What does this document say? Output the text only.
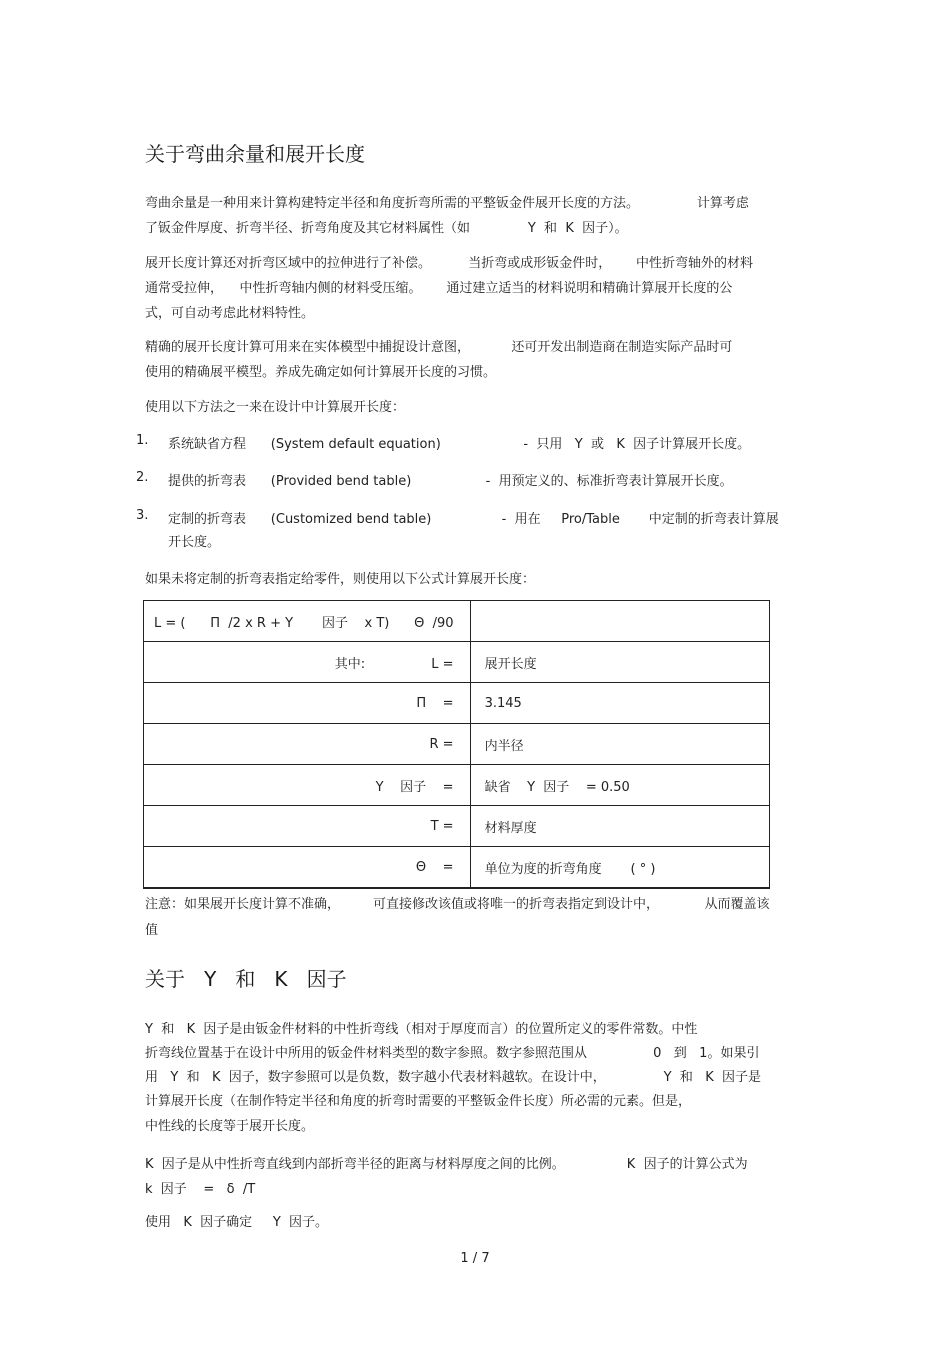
关于弯曲余量和展开长度
弯曲余量是一种用来计算构建特定半径和角度折弯所需的平整钣金件展开长度的方法。              计算考虑
了钣金件厚度、折弯半径、折弯角度及其它材料属性（如              Y  和  K  因子）。
展开长度计算还对折弯区域中的拉伸进行了补偿。         当折弯或成形钣金件时，      中性折弯轴外的材料
通常受拉伸，    中性折弯轴内侧的材料受压缩。      通过建立适当的材料说明和精确计算展开长度的公
式，可自动考虑此材料特性。
精确的展开长度计算可用来在实体模型中捕捉设计意图，          还可开发出制造商在制造实际产品时可
使用的精确展平模型。养成先确定如何计算展开长度的习惯。
使用以下方法之一来在设计中计算展开长度：
1. 系统缺省方程      (System default equation)                    -  只用   Y  或   K  因子计算展开长度。
2. 提供的折弯表      (Provided bend table)                  -  用预定义的、标准折弯表计算展开长度。
3. 定制的折弯表      (Customized bend table)                 -  用在     Pro/Table       中定制的折弯表计算展
开长度。
如果未将定制的折弯表指定给零件，则使用以下公式计算展开长度：
L = (      Π  /2 x R + Y       因子    x T)      Θ  /90	
其中:                L =	展开长度
Π    =	3.145
R =	内半径
Y    因子    =	缺省    Y  因子    = 0.50
T =	材料厚度
Θ    =	单位为度的折弯角度       ( ° )
注意：如果展开长度计算不准确，        可直接修改该值或将唯一的折弯表指定到设计中，           从而覆盖该
值
关于   Y   和   K   因子
Y  和   K  因子是由钣金件材料的中性折弯线（相对于厚度而言）的位置所定义的零件常数。中性
折弯线位置基于在设计中所用的钣金件材料类型的数字参照。数字参照范围从                0   到   1。如果引
用   Y  和   K  因子，数字参照可以是负数，数字越小代表材料越软。在设计中，              Y  和   K  因子是
计算展开长度（在制作特定半径和角度的折弯时需要的平整钣金件长度）所必需的元素。但是，
中性线的长度等于展开长度。
K  因子是从中性折弯直线到内部折弯半径的距离与材料厚度之间的比例。               K  因子的计算公式为
k  因子    =   δ  /T
使用   K  因子确定     Y  因子。
1 / 7
